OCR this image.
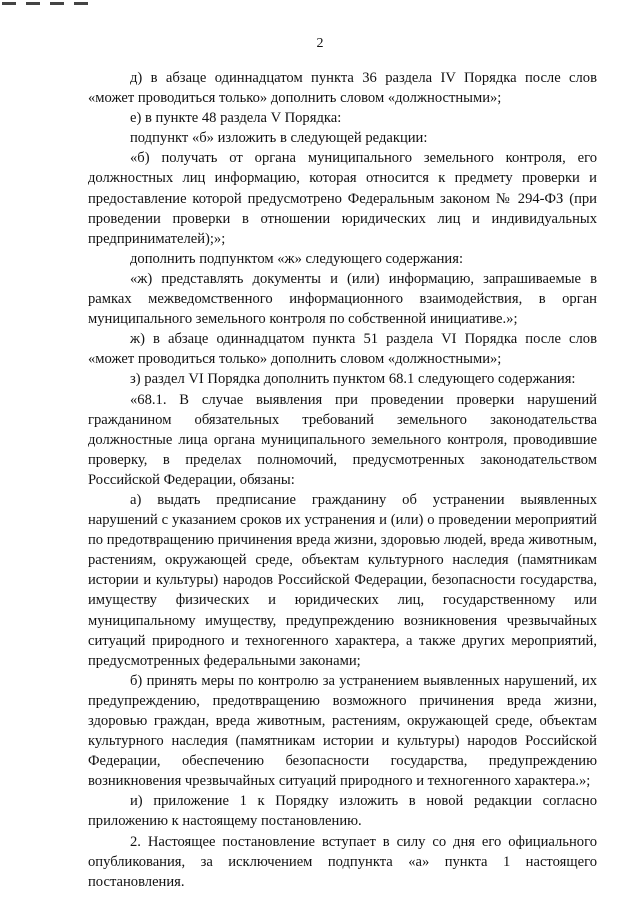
2

д) в абзаце одиннадцатом пункта 36 раздела IV Порядка после слов «может проводиться только» дополнить словом «должностными»;

е) в пункте 48 раздела V Порядка:

подпункт «б» изложить в следующей редакции:

«б) получать от органа муниципального земельного контроля, его должностных лиц информацию, которая относится к предмету проверки и предоставление которой предусмотрено Федеральным законом № 294-ФЗ (при проведении проверки в отношении юридических лиц и индивидуальных предпринимателей);»;

дополнить подпунктом «ж» следующего содержания:

«ж) представлять документы и (или) информацию, запрашиваемые в рамках межведомственного информационного взаимодействия, в орган муниципального земельного контроля по собственной инициативе.»;

ж) в абзаце одиннадцатом пункта 51 раздела VI Порядка после слов «может проводиться только» дополнить словом «должностными»;

з) раздел VI Порядка дополнить пунктом 68.1 следующего содержания:

«68.1. В случае выявления при проведении проверки нарушений гражданином обязательных требований земельного законодательства должностные лица органа муниципального земельного контроля, проводившие проверку, в пределах полномочий, предусмотренных законодательством Российской Федерации, обязаны:

а) выдать предписание гражданину об устранении выявленных нарушений с указанием сроков их устранения и (или) о проведении мероприятий по предотвращению причинения вреда жизни, здоровью людей, вреда животным, растениям, окружающей среде, объектам культурного наследия (памятникам истории и культуры) народов Российской Федерации, безопасности государства, имуществу физических и юридических лиц, государственному или муниципальному имуществу, предупреждению возникновения чрезвычайных ситуаций природного и техногенного характера, а также других мероприятий, предусмотренных федеральными законами;

б) принять меры по контролю за устранением выявленных нарушений, их предупреждению, предотвращению возможного причинения вреда жизни, здоровью граждан, вреда животным, растениям, окружающей среде, объектам культурного наследия (памятникам истории и культуры) народов Российской Федерации, обеспечению безопасности государства, предупреждению возникновения чрезвычайных ситуаций природного и техногенного характера.»;

и) приложение 1 к Порядку изложить в новой редакции согласно приложению к настоящему постановлению.

2. Настоящее постановление вступает в силу со дня его официального опубликования, за исключением подпункта «а» пункта 1 настоящего постановления.
